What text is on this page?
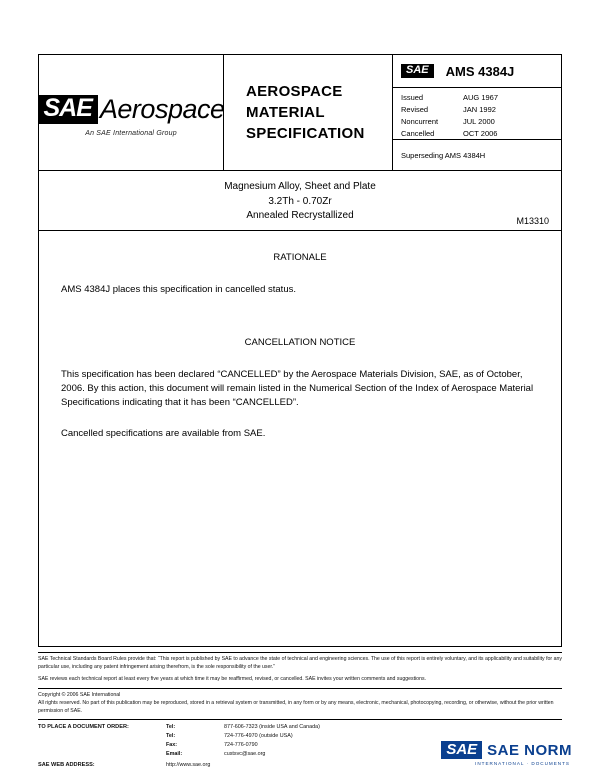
SAE Aerospace
An SAE International Group
AEROSPACE
MATERIAL
SPECIFICATION
SAE	AMS 4384J
Issued	AUG 1967
Revised	JAN 1992
Noncurrent	JUL 2000
Cancelled	OCT 2006
Superseding AMS 4384H
Magnesium Alloy, Sheet and Plate
3.2Th - 0.70Zr
Annealed Recrystallized	M13310
RATIONALE
AMS 4384J places this specification in cancelled status.
CANCELLATION NOTICE
This specification has been declared “CANCELLED” by the Aerospace Materials Division, SAE, as of October, 2006. By this action, this document will remain listed in the Numerical Section of the Index of Aerospace Material Specifications indicating that it has been “CANCELLED”.
Cancelled specifications are available from SAE.
SAE Technical Standards Board Rules provide that: “This report is published by SAE to advance the state of technical and engineering sciences. The use of this report is entirely voluntary, and its applicability and suitability for any particular use, including any patent infringement arising therefrom, is the sole responsibility of the user.”
SAE reviews each technical report at least every five years at which time it may be reaffirmed, revised, or cancelled. SAE invites your written comments and suggestions.
Copyright © 2006 SAE International
All rights reserved. No part of this publication may be reproduced, stored in a retrieval system or transmitted, in any form or by any means, electronic, mechanical, photocopying, recording, or otherwise, without the prior written permission of SAE.
TO PLACE A DOCUMENT ORDER:	Tel:	877-606-7323 (inside USA and Canada)
Tel:	724-776-4970 (outside USA)
Fax:	724-776-0790
Email:	custsvc@sae.org
SAE WEB ADDRESS:	http://www.sae.org
SAE SAE NORM
INTERNATIONAL · DOCUMENTS
